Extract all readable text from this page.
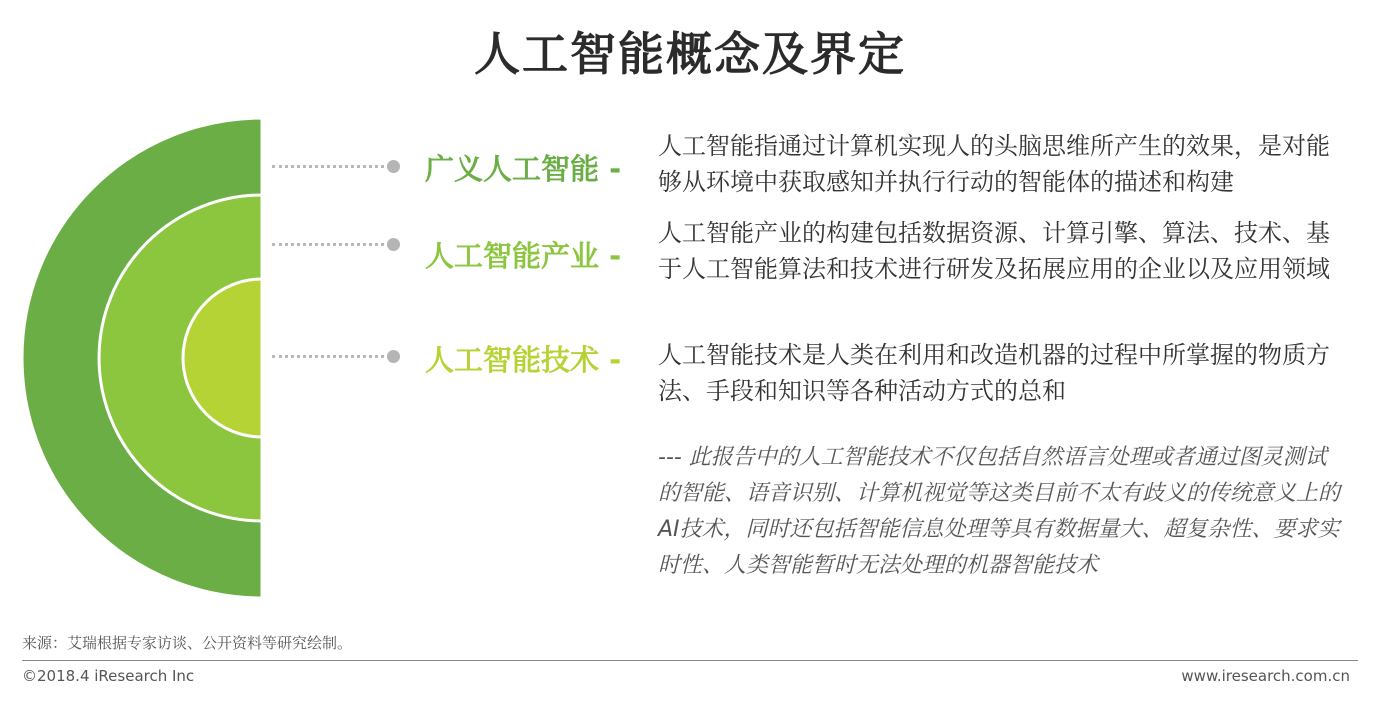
人工智能概念及界定
广义人工智能 -
人工智能产业 -
人工智能技术 -
人工智能指通过计算机实现人的头脑思维所产生的效果，是对能够从环境中获取感知并执行行动的智能体的描述和构建
人工智能产业的构建包括数据资源、计算引擎、算法、技术、基于人工智能算法和技术进行研发及拓展应用的企业以及应用领域
人工智能技术是人类在利用和改造机器的过程中所掌握的物质方法、手段和知识等各种活动方式的总和
--- 此报告中的人工智能技术不仅包括自然语言处理或者通过图灵测试的智能、语音识别、计算机视觉等这类目前不太有歧义的传统意义上的AI技术，同时还包括智能信息处理等具有数据量大、超复杂性、要求实时性、人类智能暂时无法处理的机器智能技术
来源：艾瑞根据专家访谈、公开资料等研究绘制。
©2018.4 iResearch Inc	www.iresearch.com.cn
